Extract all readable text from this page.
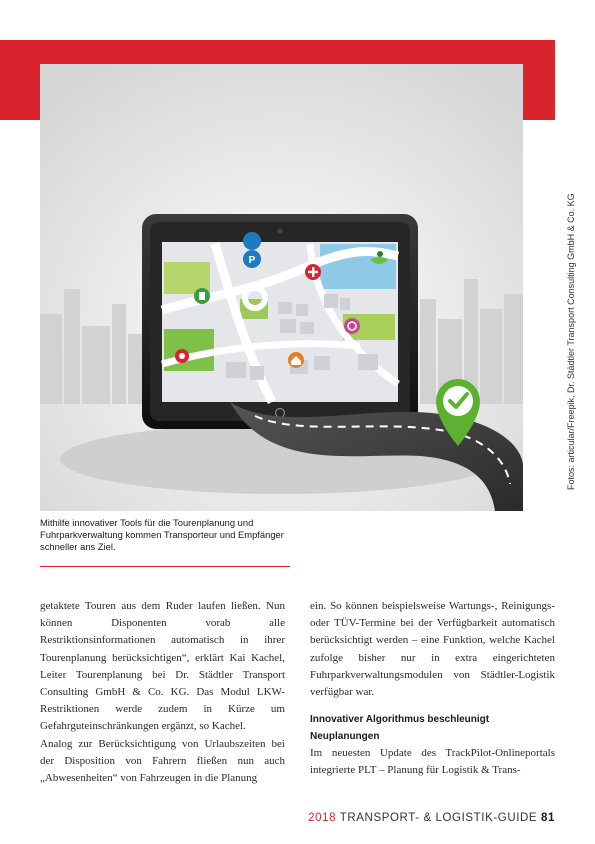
P
Mithilfe innovativer Tools für die Tourenplanung und Fuhrparkverwaltung kommen Transporteur und Empfänger schneller ans Ziel.

getaktete Touren aus dem Ruder laufen ließen. Nun können Disponenten vorab alle Restriktionsinformationen automatisch in ihrer Tourenplanung berücksichtigen“, erklärt Kai Kachel, Leiter Tourenplanung bei Dr. Städtler Transport Consulting GmbH & Co. KG. Das Modul LKW-Restriktionen werde zudem in Kürze um Gefahrguteinschränkungen ergänzt, so Kachel.

Analog zur Berücksichtigung von Urlaubszeiten bei der Disposition von Fahrern fließen nun auch „Abwesenheiten“ von Fahrzeugen in die Planung

ein. So können beispielsweise Wartungs-, Reinigungs- oder TÜV-Termine bei der Verfügbarkeit automatisch berücksichtigt werden – eine Funktion, welche Kachel zufolge bisher nur in extra eingerichteten Fuhrparkverwaltungsmodulen von Städtler-Logistik verfügbar war.

Innovativer Algorithmus beschleunigt
Neuplanungen

Im neuesten Update des TrackPilot-Onlineportals integrierte PLT – Planung für Logistik & Trans-

Fotos: articular/Freepik, Dr. Städtler Transport Consulting GmbH & Co. KG
2018 TRANSPORT- & LOGISTIK-GUIDE 81
